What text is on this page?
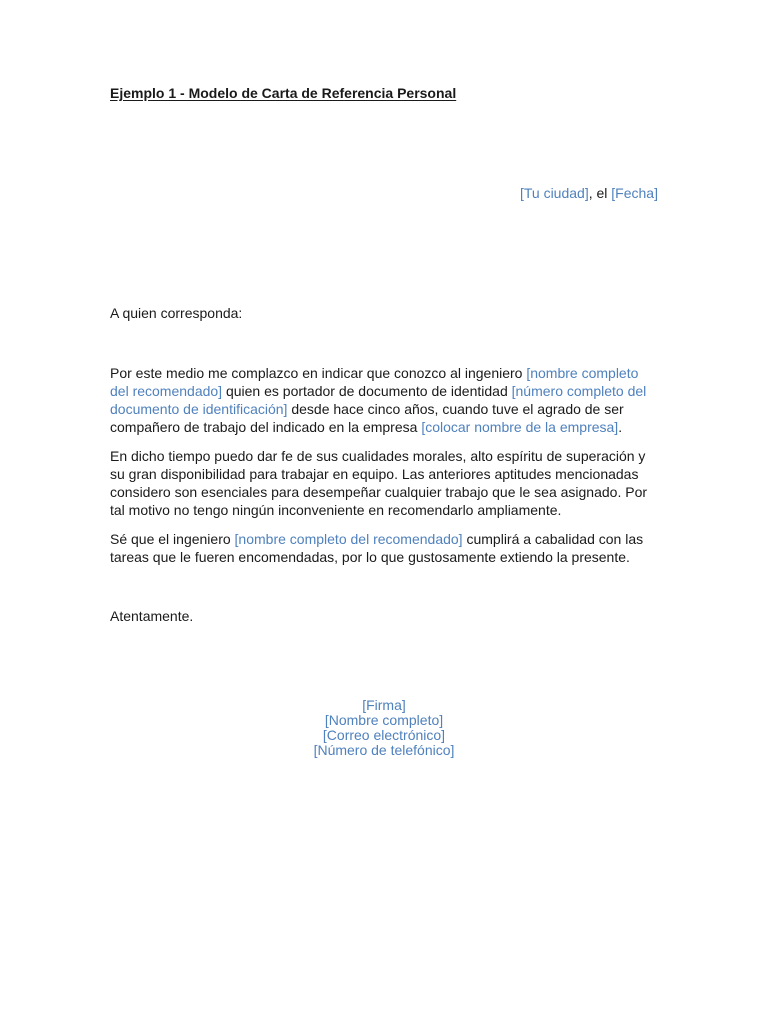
Ejemplo 1 - Modelo de Carta de Referencia Personal
[Tu ciudad], el [Fecha]
A quien corresponda:

Por este medio me complazco en indicar que conozco al ingeniero [nombre completo del recomendado] quien es portador de documento de identidad [número completo del documento de identificación] desde hace cinco años, cuando tuve el agrado de ser compañero de trabajo del indicado en la empresa [colocar nombre de la empresa].

En dicho tiempo puedo dar fe de sus cualidades morales, alto espíritu de superación y su gran disponibilidad para trabajar en equipo. Las anteriores aptitudes mencionadas considero son esenciales para desempeñar cualquier trabajo que le sea asignado. Por tal motivo no tengo ningún inconveniente en recomendarlo ampliamente.

Sé que el ingeniero [nombre completo del recomendado] cumplirá a cabalidad con las tareas que le fueren encomendadas, por lo que gustosamente extiendo la presente.

Atentamente.
[Firma]
[Nombre completo]
[Correo electrónico]
[Número de telefónico]
